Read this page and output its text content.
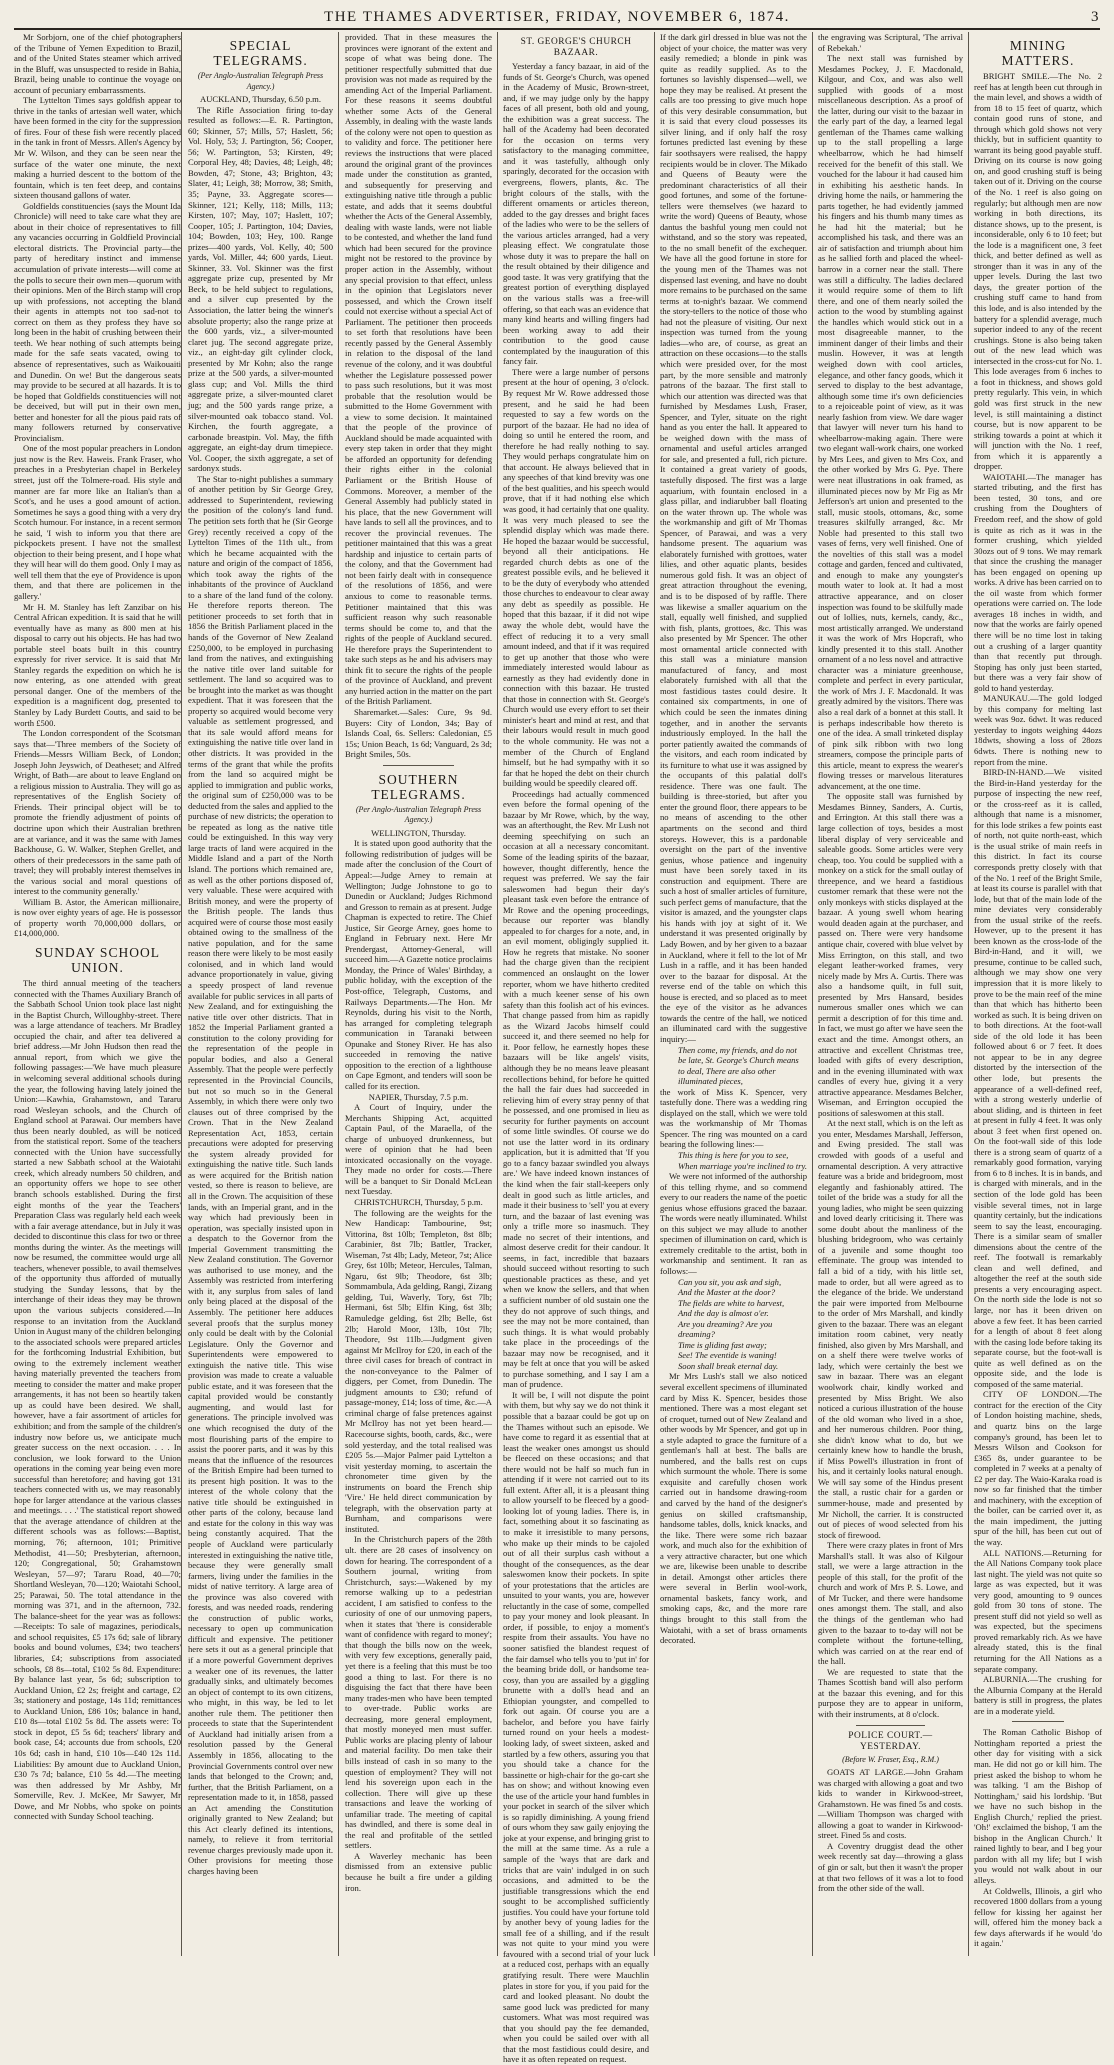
THE THAMES ADVERTISER, FRIDAY, NOVEMBER 6, 1874.	3

Mr Sorbjorn, one of the chief photographers of the Tribune of Yemen Expedition to Brazil, and of the United States steamer which arrived in the Bluff, was unsuspected to reside in Bahia, Brazil, being unable to continue the voyage on account of pecuniary embarrassments.

The Lyttelton Times says goldfish appear to thrive in the tanks of artesian well water, which have been formed in the city for the suppression of fires. Four of these fish were recently placed in the tank in front of Messrs. Allen's Agency by Mr W. Wilson, and they can be seen near the surface of the water one minute, the next making a hurried descent to the bottom of the fountain, which is ten feet deep, and contains sixteen thousand gallons of water.

Goldfields constituencies (says the Mount Ida Chronicle) will need to take care what they are about in their choice of representatives to fill any vacancies occurring in Goldfield Provincial electoral districts. The Provincial party—the party of hereditary instinct and immense accumulation of private interests—will come at the polls to secure their own men—quorum with their opinions. Men of the Birch stamp will crop up with professions, not accepting the bland their agents in attempts not too sad-not to correct on them as they profess they have so long been in the habit of crushing between their teeth. We hear nothing of such attempts being made for the safe seats vacated, owing to absence of representatives, such as Waikouaiti and Dunedin. On we! But the dangerous seats may provide to be secured at all hazards. It is to be hoped that Goldfields constituencies will not be deceived, but will put in their own men, better and honester for all the pious paid rats of many followers returned by conservative Provincialism.

One of the most popular preachers in London just now is the Rev. Haweis. Frank Fraser, who preaches in a Presbyterian chapel in Berkeley street, just off the Tolmere-road. His style and manner are far more like an Italian's than a Scot's, and he uses a good amount of action. Sometimes he says a good thing with a very dry Scotch humour. For instance, in a recent sermon he said, 'I wish to inform you that there are pickpockets present. I have not the smallest objection to their being present, and I hope what they will hear will do them good. Only I may as well tell them that the eye of Providence is upon them, and that there are policemen in the gallery.'

Mr H. M. Stanley has left Zanzibar on his Central African expedition. It is said that he will eventually have as many as 800 men at his disposal to carry out his objects. He has had two portable steel boats built in this country expressly for river service. It is said that Mr Stanley regards the expedition on which he is now entering, as one attended with great personal danger. One of the members of the expedition is a magnificent dog, presented to Stanley by Lady Burdett Coutts, and said to be worth £500.

The London correspondent of the Scotsman says that—'Three members of the Society of Friends—Messrs William Beck, of London; Joseph John Jeyswich, of Deatheset; and Alfred Wright, of Bath—are about to leave England on a religious mission to Australia. They will go as representatives of the English Society of Friends. Their principal object will be to promote the friendly adjustment of points of doctrine upon which their Australian brethren are at variance, and it was the same with James Backhouse, G. W. Walker, Stephen Grellet, and others of their predecessors in the same path of travel; they will probably interest themselves in the various social and moral questions of interest to the community generally.'

William B. Astor, the American millionaire, is now over eighty years of age. He is possessor of property worth 70,000,000 dollars, or £14,000,000.

SUNDAY SCHOOL UNION.

The third annual meeting of the teachers connected with the Thames Auxiliary Branch of the Sabbath School Union took place last night in the Baptist Church, Willoughby-street. There was a large attendance of teachers. Mr Bradley occupied the chair, and after tea delivered a brief address.—Mr John Hudson then read the annual report, from which we give the following passages:—'We have much pleasure in welcoming several additional schools during the year, the following having lately joined the Union:—Kawhia, Grahamstown, and Tararu road Wesleyan schools, and the Church of England school at Parawai. Our members have thus been nearly doubled, as will be noticed from the statistical report. Some of the teachers connected with the Union have successfully started a new Sabbath school at the Waiotahi creek, which already numbers 50 children, and an opportunity offers we hope to see other branch schools established. During the first eight months of the year the Teachers' Preparation Class was regularly held each week with a fair average attendance, but in July it was decided to discontinue this class for two or three months during the winter. As the meetings will now be resumed, the committee would urge all teachers, whenever possible, to avail themselves of the opportunity thus afforded of mutually studying the Sunday lessons, that by the interchange of their ideas they may be thrown upon the various subjects considered.—In response to an invitation from the Auckland Union in August many of the children belonging to the associated schools were prepared articles for the forthcoming Industrial Exhibition, but owing to the extremely inclement weather having materially prevented the teachers from meeting to consider the matter and make proper arrangements, it has not been so heartily taken up as could have been desired. We shall, however, have a fair assortment of articles for exhibition; and from the sample of the children's industry now before us, we anticipate much greater success on the next occasion. . . . In conclusion, we look forward to the Union operations in the coming year being even more successful than heretofore; and having got 131 teachers connected with us, we may reasonably hope for larger attendance at the various classes and meetings. . . .' The statistical report showed that the average attendance of children at the different schools was as follows:—Baptist, morning, 76; afternoon, 101; Primitive Methodist, 41—50; Presbyterian, afternoon, 120; Congregational, 50; Grahamstown Wesleyan, 57—97; Tararu Road, 40—70; Shortland Wesleyan, 70—120; Waiotahi School, 25; Parawai, 50. The total attendance in the morning was 371, and in the afternoon, 732. The balance-sheet for the year was as follows:—Receipts: To sale of magazines, periodicals, and school requisites, £5 17s 6d; sale of library books and bound volumes, £34; two teachers' libraries, £4; subscriptions from associated schools, £8 8s—total, £102 5s 8d. Expenditure: By balance last year, 5s 6d; subscription to Auckland Union, £2 2s; freight and cartage, £2 3s; stationery and postage, 14s 11d; remittances to Auckland Union, £86 10s; balance in hand, £10 8s—total £102 5s 8d. The assets were: To stock in depot, £5 5s 6d; teachers' library and book case, £4; accounts due from schools, £20 10s 6d; cash in hand, £10 10s—£40 12s 11d. Liabilities: By amount due to Auckland Union, £30 7s 7d; balance, £10 5s 4d.—The meeting was then addressed by Mr Ashby, Mr Somerville, Rev. J. McKee, Mr Sawyer, Mr Dowe, and Mr Nobbs, who spoke on points connected with Sunday School teaching.

SPECIAL TELEGRAMS.

(Per Anglo-Australian Telegraph Press Agency.)

AUCKLAND, Thursday, 6.50 p.m.

The Rifle Association firing to-day resulted as follows:—E. R. Partington, 60; Skinner, 57; Mills, 57; Haslett, 56; Vol. Holy, 53; J. Partington, 56; Cooper, 56; W. Partington, 53; Kirsten, 49; Corporal Hey, 48; Davies, 48; Leigh, 48; Bowden, 47; Stone, 43; Brighton, 43; Slater, 41; Leigh, 38; Morrow, 38; Smith, 35; Payne, 33. Aggregate scores—Skinner, 121; Kelly, 118; Mills, 113; Kirsten, 107; May, 107; Haslett, 107; Cooper, 105; J. Partington, 104; Davies, 104; Bowden, 103; Hey, 100. Range prizes—400 yards, Vol. Kelly, 40; 500 yards, Vol. Miller, 44; 600 yards, Lieut. Skinner, 33. Vol. Skinner was the first aggregate prize cup, presented by Mr Beck, to be held subject to regulations, and a silver cup presented by the Association, the latter being the winner's absolute property; also the range prize at the 600 yards, viz., a silver-mounted claret jug. The second aggregate prize, viz., an eight-day gilt cylinder clock, presented by Mr Kohn; also the range prize at the 500 yards, a silver-mounted glass cup; and Vol. Mills the third aggregate prize, a silver-mounted claret jug; and the 500 yards range prize, a silver-mounted oak tobacco stand. Vol. Kirchen, the fourth aggregate, a carbonade breastpin. Vol. May, the fifth aggregate, an eight-day drum timepiece. Vol. Cooper, the sixth aggregate, a set of sardonyx studs.

The Star to-night publishes a summary of another petition by Sir George Grey, addressed to Superintendent, reviewing the position of the colony's land fund. The petition sets forth that he (Sir George Grey) recently received a copy of the Lyttelton Times of the 11th ult., from which he became acquainted with the nature and origin of the compact of 1856, which took away the rights of the inhabitants of the province of Auckland to a share of the land fund of the colony. He therefore reports thereon. The petitioner proceeds to set forth that in 1856 the British Parliament placed in the hands of the Governor of New Zealand £250,000, to be employed in purchasing land from the natives, and extinguishing the native title over land suitable for settlement. The land so acquired was to be brought into the market as was thought expedient. That it was foreseen that the property so acquired would become very valuable as settlement progressed, and that its sale would afford means for extinguishing the native title over land in other districts. It was provided in the terms of the grant that while the profits from the land so acquired might be applied to immigration and public works, the original sum of £250,000 was to be deducted from the sales and applied to the purchase of new districts; the operation to be repeated as long as the native title could be extinguished. In this way very large tracts of land were acquired in the Middle Island and a part of the North Island. The portions which remained are, as well as the other portions disposed of, very valuable. These were acquired with British money, and were the property of the British people. The lands thus acquired were of course those most easily obtained owing to the smallness of the native population, and for the same reason there were likely to be most easily colonised, and in which land would advance proportionately in value, giving a speedy prospect of land revenue available for public services in all parts of New Zealand, and for extinguishing the native title over other districts. That in 1852 the Imperial Parliament granted a constitution to the colony providing for the representation of the people in popular bodies, and also a General Assembly. That the people were perfectly represented in the Provincial Councils, but not so much so in the General Assembly, in which there were only two clauses out of three comprised by the Crown. That in the New Zealand Representation Act, 1853, certain precautions were adopted for preserving the system already provided for extinguishing the native title. Such lands as were acquired for the British nation vested, so there is reason to believe, are all in the Crown. The acquisition of these lands, with an Imperial grant, and in the way which had previously been in operation, was specially insisted upon in a despatch to the Governor from the Imperial Government transmitting the New Zealand constitution. The Governor was authorised to use money, and the Assembly was restricted from interfering with it, any surplus from sales of land only being placed at the disposal of the Assembly. The petitioner here adduces several proofs that the surplus money only could be dealt with by the Colonial Legislature. Only the Governor and Superintendents were empowered to extinguish the native title. This wise provision was made to create a valuable public estate, and it was foreseen that the capital provided would be constantly augmenting, and would last for generations. The principle involved was one which recognised the duty of the most flourishing parts of the empire to assist the poorer parts, and it was by this means that the influence of the resources of the British Empire had been turned to its present high position. It was to the interest of the whole colony that the native title should be extinguished in other parts of the colony, because land and estate for the colony in this way was being constantly acquired. That the people of Auckland were particularly interested in extinguishing the native title, because they were generally small farmers, living under the families in the midst of native territory. A large area of the province was also covered with forests, and was needed roads, rendering the construction of public works, necessary to open up communication difficult and expensive. The petitioner here sets it out as a general principle that if a more powerful Government deprives a weaker one of its revenues, the latter gradually sinks, and ultimately becomes an object of contempt to its own citizens, who might, in this way, be led to let another rule them. The petitioner then proceeds to state that the Superintendent of Auckland had initially arisen from a resolution passed by the General Assembly in 1856, allocating to the Provincial Governments control over new lands that belonged to the Crown; and, further, that the British Parliament, on a representation made to it, in 1858, passed an Act amending the Constitution originally granted to New Zealand; but this Act clearly defined its intentions, namely, to relieve it from territorial revenue charges previously made upon it. Other provisions for meeting those charges having been

provided. That in these measures the provinces were ignorant of the extent and scope of what was being done. The petitioner respectfully submitted that due provision was not made as required by the amending Act of the Imperial Parliament. For these reasons it seems doubtful whether some Acts of the General Assembly, in dealing with the waste lands of the colony were not open to question as to validity and force. The petitioner here reviews the instructions that were placed around the original grant of the provinces made under the constitution as granted, and subsequently for preserving and extinguishing native title through a public estate, and adds that it seems doubtful whether the Acts of the General Assembly, dealing with waste lands, were not liable to be contested, and whether the land fund which had been secured for the province might not be restored to the province by proper action in the Assembly, without any special provision to that effect, unless in the opinion that Legislators never possessed, and which the Crown itself could not exercise without a special Act of Parliament. The petitioner then proceeds to set forth that resolutions have been recently passed by the General Assembly in relation to the disposal of the land revenue of the colony, and it was doubtful whether the Legislature possessed power to pass such resolutions, but it was most probable that the resolution would be submitted to the Home Government with a view to some decision. It maintained that the people of the province of Auckland should be made acquainted with every step taken in order that they might be afforded an opportunity for defending their rights either in the colonial Parliament or the British House of Commons. Moreover, a member of the General Assembly had publicly stated in his place, that the new Government will have lands to sell all the provinces, and to recover the provincial revenues. The petitioner maintained that this was a great hardship and injustice to certain parts of the colony, and that the Government had not been fairly dealt with in consequence of the resolutions of 1856, and were anxious to come to reasonable terms. Petitioner maintained that this was sufficient reason why such reasonable terms should be come to, and that the rights of the people of Auckland secured. He therefore prays the Superintendent to take such steps as he and his advisers may think fit to secure the rights of the people of the province of Auckland, and prevent any hurried action in the matter on the part of the British Parliament.

Sharemarket.—Sales: Cure, 9s 9d. Buyers: City of London, 34s; Bay of Islands Coal, 6s. Sellers: Caledonian, £5 15s; Union Beach, 1s 6d; Vanguard, 2s 3d; Bright Smiles, 50s.

SOUTHERN TELEGRAMS.

(Per Anglo-Australian Telegraph Press Agency.)

WELLINGTON, Thursday.

It is stated upon good authority that the following redistribution of judges will be made after the conclusion of the Court of Appeal:—Judge Arney to remain at Wellington; Judge Johnstone to go to Dunedin or Auckland; Judges Richmond and Gresson to remain as at present. Judge Chapman is expected to retire. The Chief Justice, Sir George Arney, goes home to England in February next. Here Mr Prendergast, Attorney-General, will succeed him.—A Gazette notice proclaims Monday, the Prince of Wales' Birthday, a public holiday, with the exception of the Post-office, Telegraph, Customs, and Railways Departments.—The Hon. Mr Reynolds, during his visit to the North, has arranged for completing telegraph communication in Taranaki between Opunake and Stoney River. He has also succeeded in removing the native opposition to the erection of a lighthouse on Cape Egmont, and tenders will soon be called for its erection.

NAPIER, Thursday, 7.5 p.m.

A Court of Inquiry, under the Merchants Shipping Act, acquitted Captain Paul, of the Maraella, of the charge of unbuoyed drunkenness, but were of opinion that he had been intoxicated occasionally on the voyage. They made no order for costs.—There will be a banquet to Sir Donald McLean next Tuesday.

CHRISTCHURCH, Thursday, 5 p.m.

The following are the weights for the New Handicap: Tambourine, 9st; Vittorina, 8st 10lb; Templeton, 8st 8lb; Carabinier, 8st 7lb; Battler, Tracker, Wiseman, 7st 4lb; Lady, Meteor, 7st; Alice Grey, 6st 10lb; Meteor, Hercules, Talman, Ngaru, 6st 9lb; Theodore, 6st 3lb; Sommambula, Ada gelding, Rangi, Zizang gelding, Tui, Waverly, Tory, 6st 7lb; Hermani, 6st 5lb; Elfin King, 6st 3lb; Ramuledge gelding, 6st 2lb; Belle, 6st 2lb; Harold Moor, 13lb, 10st 7lb; Theodore, 9st 11lb.—Judgment given against Mr McIlroy for £20, in each of the three civil cases for breach of contract in the non-conveyance to the Palmer of diggers, per Comet, from Dunedin. The judgment amounts to £30; refund of passage-money, £14; loss of time, &c.—A criminal charge of false pretences against Mr McIlroy has not yet been heard.—Racecourse sights, booth, cards, &c., were sold yesterday, and the total realised was £205 5s.—Major Palmer paid Lyttelton a visit yesterday morning, to ascertain the chronometer time given by the instruments on board the French ship 'Vire.' He held direct communication by telegraph, with the observation party at Burnham, and comparisons were instituted.

In the Christchurch papers of the 28th ult. there are 28 cases of insolvency on down for hearing. The correspondent of a Southern journal, writing from Christchurch, says:—Wakened by my remorse walking up to a pedestrian accident, I am satisfied to confess to the curiosity of one of our unmoving papers, when it states that 'there is considerable want of confidence with regard to money'; that though the bills now on the week, with very few exceptions, generally paid, yet there is a feeling that this must be too good a thing to last. For there is no disguising the fact that there have been many trades-men who have been tempted to over-trade. Public works are decreasing, more general employment, that mostly moneyed men must suffer. Public works are placing plenty of labour and material facility. Do men take their bills instead of cash in so many to the question of employment? They will not lend his sovereign upon each in the collection. There will give up these transactions and leave the working of unfamiliar trade. The meeting of capital has dwindled, and there is some deal in the real and profitable of the settled settlers.

A Waverley mechanic has been dismissed from an extensive public because he built a fire under a gilding iron.

ST. GEORGE'S CHURCH BAZAAR.

Yesterday a fancy bazaar, in aid of the funds of St. George's Church, was opened in the Academy of Music, Brown-street, and, if we may judge only by the happy faces of all present, both old and young, the exhibition was a great success. The hall of the Academy had been decorated for the occasion on terms very satisfactory to the managing committee, and it was tastefully, although only sparingly, decorated for the occasion with evergreens, flowers, plants, &c. The bright colours of the stalls, with the different ornaments or articles thereon, added to the gay dresses and bright faces of the ladies who were to be the sellers of the various articles arranged, had a very pleasing effect. We congratulate those whose duty it was to prepare the hall on the result obtained by their diligence and good taste. It was very gratifying that the greatest portion of everything displayed on the various stalls was a free-will offering, so that each was an evidence that many kind hearts and willing fingers had been working away to add their contribution to the good cause contemplated by the inauguration of this fancy fair.

There were a large number of persons present at the hour of opening, 3 o'clock. By request Mr W. Rowe addressed those present, and he said he had been requested to say a few words on the purport of the bazaar. He had no idea of doing so until he entered the room, and therefore he had really nothing to say. They would perhaps congratulate him on that account. He always believed that in any speeches of that kind brevity was one of the best qualities, and his speech would prove, that if it had nothing else which was good, it had certainly that one quality. It was very much pleased to see the splendid display which was made there. He hoped the bazaar would be successful, beyond all their anticipations. He regarded church debts as one of the greatest possible evils, and he believed it to be the duty of everybody who attended those churches to endeavour to clear away any debt as speedily as possible. He hoped that this bazaar, if it did not wipe away the whole debt, would have the effect of reducing it to a very small amount indeed, and that if it was required to get up another that those who were immediately interested would labour as earnestly as they had evidently done in connection with this bazaar. He trusted that those in connection with St. George's Church would use every effort to set their minister's heart and mind at rest, and that their labours would result in much good to the whole community. He was not a member of the Church of England himself, but he had sympathy with it so far that he hoped the debt on their church building would be speedily cleared off.

Proceedings had actually commenced even before the formal opening of the bazaar by Mr Rowe, which, by the way, was an afterthought, the Rev. Mr Lush not deeming speechifying on such an occasion at all a necessary concomitant. Some of the leading spirits of the bazaar, however, thought differently, hence the request was preferred. We say the fair saleswomen had begun their day's pleasant task even before the entrance of Mr Rowe and the opening proceedings, because our reporter was blandly appealed to for charges for a note, and, in an evil moment, obligingly supplied it. How he regrets that mistake. No sooner had the charge given than the recipient commenced an onslaught on the lower reporter, whom we have hitherto credited with a much keener sense of his own safety than this foolish act of his evinces. That change passed from him as rapidly as the Wizard Jacobs himself could succeed it, and there seemed no help for it. Poor fellow, he earnestly hopes these bazaars will be like angels' visits, although they be no means leave pleasant recollections behind, for before he quitted the hall the fair dues had succeeded in relieving him of every stray penny of that he possessed, and one promised in lieu as security for further payments on account of some little swindles. Of course we do not use the latter word in its ordinary application, but it is admitted that 'If you go to a fancy bazaar swindled you always are.' We have indeed known instances of the kind when the fair stall-keepers only dealt in good such as little articles, and made it their business to 'sell' you at every turn, and the bazaar of last evening was only a trifle more so inasmuch. They made no secret of their intentions, and almost deserve credit for their candour. It seems, in fact, incredible that bazaars should succeed without resorting to such questionable practices as these, and yet when we know the sellers, and that when a sufficient number of old sustain one the they do not approve of such things, and see the may not be more contained, than such things. It is what would probably take place in the proceedings of the bazaar may now be recognised, and it may be felt at once that you will be asked to purchase something, and I say I am a man of prudence.

It will be, I will not dispute the point with them, but why say we do not think it possible that a bazaar could be got up on the Thames without such an episode. We have come to regard it as essential that at least the weaker ones amongst us should be fleeced on these occasions; and that there would not be half so much fun in attending if it were not carried out to its full extent. After all, it is a pleasant thing to allow yourself to be fleeced by a good-looking lot of young ladies. There is, in fact, something about it so fascinating as to make it irresistible to many persons, who make up their minds to be cajoled out of all their surplus cash without a thought of the consequences, as the dear saleswomen know their pockets. In spite of your protestations that the articles are unsuited to your wants, you are, however reluctantly in the case of some, compelled to pay your money and look pleasant. In order, if possible, to enjoy a moment's respite from their assaults. You have no sooner satisfied the blandest request of the fair damsel who tells you to 'put in' for the beaming bride doll, or handsome tea-cosy, than you are assailed by a giggling brunette with a doll's head and an Ethiopian youngster, and compelled to fork out again. Of course you are a bachelor, and before you have fairly turned round on your heels a modest-looking lady, of sweet sixteen, asked and startled by a few others, assuring you that you should take a chance for the bassinette or high-chair for the go-cart she has on show; and without knowing even the use of the article your hand fumbles in your pocket in search of the silver which is so rapidly diminishing. A young friend of ours whom they saw gaily enjoying the joke at your expense, and bringing grist to the mill at the same time. As a rule a sample of the 'ways that are dark and tricks that are vain' indulged in on such occasions, and admitted to be the justifiable transgressions which the end sought to be accomplished sufficiently justifies. You could have your fortune told by another bevy of young ladies for the small fee of a shilling, and if the result was not quite to your mind you were favoured with a second trial of your luck at a reduced cost, perhaps with an equally gratifying result. There were Mauchlin plates in store for you, if you paid for the card and looked pleasant. No doubt the same good luck was predicted for many customers. What was most required was that you should pay the fee demanded, when you could be sailed over with all that the most fastidious could desire, and have it as often repeated on request.

If the dark girl dressed in blue was not the object of your choice, the matter was very easily remedied; a blonde in pink was quite as readily supplied. As to the fortunes so lavishly dispensed—well, we hope they may be realised. At present the calls are too pressing to give much hope of this very desirable consummation, but it is said that every cloud possesses its silver lining, and if only half the rosy fortunes predicted last evening by these fair soothsayers were realised, the happy recipients would be in clover. The Mikado and Queens of Beauty were the predominant characteristics of all their good fortunes, and some of the fortune-tellers were themselves (we hazard to write the word) Queens of Beauty, whose dantus the bashful young men could not withstand, and so the story was repeated, to the no small benefit of the exchequer. We have all the good fortune in store for the young men of the Thames was not dispensed last evening, and have no doubt more remains to be purchased on the same terms at to-night's bazaar. We commend the story-tellers to the notice of those who had not the pleasure of visiting. Our next inspection was turned from the young ladies—who are, of course, as great an attraction on these occasions—to the stalls which were presided over, for the most part, by the more sensible and matronly patrons of the bazaar. The first stall to which our attention was directed was that furnished by Mesdames Lush, Fraser, Spencer, and Tyler, situate on the right hand as you enter the hall. It appeared to be weighed down with the mass of ornamental and useful articles arranged for sale, and presented a full, rich picture. It contained a great variety of goods, tastefully disposed. The first was a large aquarium, with fountain enclosed in a glass pillar, and indiarubber ball floating on the water thrown up. The whole was the workmanship and gift of Mr Thomas Spencer, of Parawai, and was a very handsome present. The aquarium was elaborately furnished with grottoes, water lilies, and other aquatic plants, besides numerous gold fish. It was an object of great attraction throughout the evening, and is to be disposed of by raffle. There was likewise a smaller aquarium on the stall, equally well finished, and supplied with fish, plants, grottoes, &c. This was also presented by Mr Spencer. The other most ornamental article connected with this stall was a miniature mansion manufactured of fancy, and most elaborately furnished with all that the most fastidious tastes could desire. It contained six compartments, in one of which could be seen the inmates dining together, and in another the servants industriously employed. In the hall the porter patiently awaited the commands of the visitors, and each room indicated by its furniture to what use it was assigned by the occupants of this palatial doll's residence. There was one fault. The building is three-storied, but after you enter the ground floor, there appears to be no means of ascending to the other apartments on the second and third storeys. However, this is a pardonable oversight on the part of the inventive genius, whose patience and ingenuity must have been sorely taxed in its construction and equipment. There are such a host of smaller articles of furniture, such perfect gems of manufacture, that the visitor is amazed, and the youngster claps his hands with joy at sight of it. We understand it was presented originally by Lady Bowen, and by her given to a bazaar in Auckland, where it fell to the lot of Mr Lush in a raffle, and it has been handed over to the bazaar for disposal. At the reverse end of the table on which this house is erected, and so placed as to meet the eye of the visitor as he advances towards the centre of the hall, we noticed an illuminated card with the suggestive inquiry:—

Then come, my friends, and do not be late, St. George's Church means to deal, There are also other illuminated pieces,

the work of Miss K. Spencer, very tastefully done. There was a wedding ring displayed on the stall, which we were told was the workmanship of Mr Thomas Spencer. The ring was mounted on a card bearing the following lines:—

This thing is here for you to see,
When marriage you're inclined to try.

We were not informed of the authorship of this telling rhyme, and so commend every to our readers the name of the poetic genius whose effusions graced the bazaar. The words were neatly illuminated. Whilst on this subject we may allude to another specimen of illumination on card, which is extremely creditable to the artist, both in workmanship and sentiment. It ran as follows:—

Can you sit, you ask and sigh,
And the Master at the door?
The fields are white to harvest,
And the day is almost o'er.
Are you dreaming? Are you dreaming?
Time is gliding fast away;
See! The eventide is waning!
Soon shall break eternal day.

Mr Mrs Lush's stall we also noticed several excellent specimens of illuminated card by Miss K. Spencer, besides those mentioned. There was a most elegant set of croquet, turned out of New Zealand and other woods by Mr Spencer, and got up in a style adapted to grace the furniture of a gentleman's hall at best. The balls are numbered, and the balls rest on cups which surmount the whole. There is some exquisite and carefully chosen work carried out in handsome drawing-room and carved by the hand of the designer's genius on skilled craftsmanship, handsome tables, dolls, knick knacks, and the like. There were some rich bazaar work, and much also for the exhibition of a very attractive character, but one which we are, likewise been unable to describe in detail. Amongst other articles there were several in Berlin wool-work, ornamental baskets, fancy work, and smoking caps, &c, and the more rare things brought to this stall from the Waiotahi, with a set of brass ornaments decorated.

the engraving was Scriptural, 'The arrival of Rebekah.'

The next stall was furnished by Mesdames Pockey, J. F. Macdonald, Kilgour, and Cox, and was also well supplied with goods of a most miscellaneous description. As a proof of the latter, during our visit to the bazaar in the early part of the day, a learned legal gentleman of the Thames came walking up to the stall propelling a large wheelbarrow, which he had himself received for the benefit of this stall. We vouched for the labour it had caused him in exhibiting his aesthetic hands. In driving home the nails, or hammering the parts together, he had evidently jammed his fingers and his thumb many times as he had hit the material; but he accomplished his task, and there was an air of satisfaction and triumph about him as he sallied forth and placed the wheel-barrow in a corner near the stall. There was still a difficulty. The ladies declared it would require some of them to lift there, and one of them nearly soiled the action to the wood by stumbling against the handles which would stick out in a most disagreeable manner, to the imminent danger of their limbs and their muslin. However, it was at length weighed down with cool articles, elegance, and other fancy goods, which it served to display to the best advantage, although some time it's own deficiencies to a rejoiceable point of view, as it was nearly fashion from view. We dare wager that lawyer will never turn his hand to wheelbarrow-making again. There were two elegant wall-work chairs, one worked by Mrs Lees, and given to Mrs Cox, and the other worked by Mrs G. Pye. There were neat illustrations in oak framed, as illuminated pieces now by Mr Fig as Mr Jefferson's art union and presented to the stall, music stools, ottomans, &c, some treasures skilfully arranged, &c. Mr Noble had presented to this stall two vases of ferns, very well finished. One of the novelties of this stall was a model cottage and garden, fenced and cultivated, and enough to make any youngster's mouth water to look at. It had a most attractive appearance, and on closer inspection was found to be skilfully made out of lollies, nuts, kernels, candy, &c., most artistically arranged. We understand it was the work of Mrs Hopcraft, who kindly presented it to this stall. Another ornament of a no less novel and attractive character was a miniature greenhouse, complete and perfect in every particular, the work of Mrs J. F. Macdonald. It was greatly admired by the visitors. There was also a real dark of a bonnet at this stall. It is perhaps indescribable how thereto is one of the idea. A small trinketed display of pink silk ribbon with two long streamers, compose the principle parts of this article, meant to express the wearer's flowing tresses or marvelous literatures advancement, at the one time.

The opposite stall was furnished by Mesdames Binney, Sanders, A. Curtis, and Errington. At this stall there was a large collection of toys, besides a most liberal display of very serviceable and saleable goods. Some articles were very cheap, too. You could be supplied with a monkey on a stick for the small outlay of threepence, and we heard a fastidious customer remark that these were not the only monkeys with sticks displayed at the bazaar. A young swell whom hearing would deaden again at the purchaser, and passed on. There were very handsome antique chair, covered with blue velvet by Miss Errington, on this stall, and two elegant leather-worked frames, very nicely made by Mrs A. Curtis. There was also a handsome quilt, in full suit, presented by Mrs Hansard, besides numerous smaller ones which we can permit a description of for this time and. In fact, we must go after we have seen the exact and the time. Amongst others, an attractive and excellent Christmas tree, loaded with gifts of every description, and in the evening illuminated with wax candles of every hue, giving it a very attractive appearance. Mesdames Belcher, Wiseman, and Errington occupied the positions of saleswomen at this stall.

At the next stall, which is on the left as you enter, Mesdames Marshall, Jefferson, and Ewing presided. The stall was crowded with goods of a useful and ornamental description. A very attractive feature was a bride and bridegroom, most elegantly and fashionably attired. The toilet of the bride was a study for all the young ladies, who might be seen quizzing and loved dearly criticising it. There was some doubt about the manliness of the blushing bridegroom, who was certainly of a juvenile and some thought too effeminate. The group was intended to fall a bid of a tidy, with his little set, made to order, but all were agreed as to the elegance of the bride. We understand the pair were imported from Melbourne to the order of Mrs Marshall, and kindly given to the bazaar. There was an elegant imitation room cabinet, very neatly finished, also given by Mrs Marshall, and on a shelf there were twelve works of lady, which were certainly the best we saw in bazaar. There was an elegant woolwork chair, kindly worked and presented by Miss Bright. We also noticed a curious illustration of the house of the old woman who lived in a shoe, and her numerous children. Poor thing, she didn't know what to do, but we certainly knew how to handle the brush, if Miss Powell's illustration in front of his, and it certainly looks natural enough. We will say some of the Hindus present the stall, a rustic chair for a garden or summer-house, made and presented by Mr Nicholl, the carrier. It is constructed out of pieces of wood selected from his stock of firewood.

There were crazy plates in front of Mrs Marshall's stall. It was also of Kilgour stall, we were a large attraction in the people of this stall, for the profit of the church and work of Mrs P. S. Lowe, and of Mr Tucker, and there were handsome ones amongst them. The stall, and also the things of the gentleman who had given to the bazaar to to-day will not be complete without the fortune-telling, which was carried on at the rear end of the hall.

We are requested to state that the Thames Scottish band will also perform at the bazaar this evening, and for this purpose they are to appear in uniform, with their instruments, at 8 o'clock.

POLICE COURT.—YESTERDAY.

(Before W. Fraser, Esq., R.M.)

GOATS AT LARGE.—John Graham was charged with allowing a goat and two kids to wander in Kirkwood-street, Grahamstown. He was fined 5s and costs.—William Thompson was charged with allowing a goat to wander in Kirkwood-street. Fined 5s and costs.

A Coventry druggist dead the other week recently sat day—throwing a glass of gin or salt, but then it wasn't the proper at that two fellows of it was a lot to food from the other side of the wall.

MINING MATTERS.

BRIGHT SMILE.—The No. 2 reef has at length been cut through in the main level, and shows a width of from 18 to 15 feet of quartz, which contain good runs of stone, and through which gold shows not very thickly, but in sufficient quantity to warrant its being good payable stuff. Driving on its course is now going on, and good crushing stuff is being taken out of it. Driving on the course of the No. 1 reef is also going on regularly; but although men are now working in both directions, its distance shows, up to the present, is inconsiderable, only 6 to 10 feet; but the lode is a magnificent one, 3 feet thick, and better defined as well as stronger than it was in any of the upper levels. During the last two days, the greater portion of the crushing stuff came to hand from this lode, and is also intended by the battery for a splendid average, much superior indeed to any of the recent crushings. Stone is also being taken out of the new lead which was intersected in the cross-cut for No. 1. This lode averages from 6 inches to a foot in thickness, and shows gold pretty regularly. This vein, in which gold was first struck in the new level, is still maintaining a distinct course, but is now apparent to be striking towards a point at which it will junction with the No. 1 reef, from which it is apparently a dropper.

WAIOTAHI.—The manager has started tributing, and the first has been tested, 30 tons, and ore crushing from the Doughters of Freedom reef, and the show of gold is quite as rich as it was in the former crushing, which yielded 30ozs out of 9 tons. We may remark that since the crushing the manager has been engaged on opening up works. A drive has been carried on to the oil waste from which former operations were carried on. The lode averages 18 inches in width, and now that the works are fairly opened there will be no time lost in taking out a crushing of a larger quantity than that recently put through. Stoping has only just been started, but there was a very fair show of gold to hand yesterday.

MANUKAU.—The gold lodged by this company for melting last week was 9oz. 6dwt. It was reduced yesterday to ingots weighing 44ozs 18dwts, showing a loss of 28ozs 6dwts. There is nothing new to report from the mine.

BIRD-IN-HAND.—We visited the Bird-in-Hand yesterday for the purpose of inspecting the new reef, or the cross-reef as it is called, although that name is a misnomer, for this lode strikes a few points east of north, not quite north-east, which is the usual strike of main reefs in this district. In fact its course corresponds pretty closely with that of the No. 1 reef of the Bright Smile, at least its course is parallel with that lode, but that of the main lode of the mine deviates very considerably from the usual strike of the reefs. However, up to the present it has been known as the cross-lode of the Bird-in-Hand, and it will, we presume, continue to be called such, although we may show one very impression that it is more likely to prove to be the main reef of the mine than that which has hitherto been worked as such. It is being driven on to both directions. At the foot-wall side of the old lode it has been followed about 6 or 7 feet. It does not appear to be in any degree distorted by the intersection of the other lode, but presents the appearance of a well-defined reef, with a strong westerly underlie of about sliding, and is thirteen in feet at present in fully 4 feet. It was only about 3 feet when first opened on. On the foot-wall side of this lode there is a strong seam of quartz of a remarkably good formation, varying from 6 to 8 inches. It is in bands, and is charged with minerals, and in the section of the lode gold has been visible several times, not in large quantity certainly, but the indications seem to say the least, encouraging. There is a similar seam of smaller dimensions about the centre of the reef. The footwall is remarkably clean and well defined, and altogether the reef at the south side presents a very encouraging aspect. On the north side the lode is not so large, nor has it been driven on above a few feet. It has been carried for a length of about 8 feet along with the casing lode before taking its separate course, but the foot-wall is quite as well defined as on the opposite side, and the lode is composed of the same material.

CITY OF LONDON.—The contract for the erection of the City of London hoisting machine, sheds, and quartz bins on the large company's ground, has been let to Messrs Wilson and Cookson for £365 8s, under guarantee to be completed in 7 weeks at a penalty of £2 per day. The Waio-Karaka road is now so far finished that the timber and machinery, with the exception of the boiler, can be carried over it, as the main impediment, the jutting spur of the hill, has been cut out of the way.

ALL NATIONS.—Returning for the All Nations Company took place last night. The yield was not quite so large as was expected, but it was very good, amounting to 9 ounces gold from 30 tons of stone. The present stuff did not yield so well as was expected, but the specimens proved remarkably rich. As we have already stated, this is the final returning for the All Nations as a separate company.

ALBURNIA.—The crushing for the Alburnia Company at the Herald battery is still in progress, the plates are in a moderate yield.

The Roman Catholic Bishop of Nottingham reported a priest the other day for visiting with a sick man. He did not go or kill him. The priest asked the bishop to whom he was talking. 'I am the Bishop of Nottingham,' said his lordship. 'But we have no such bishop in the English Church,' replied the priest. 'Oh!' exclaimed the bishop, 'I am the bishop in the Anglican Church.' It rained lightly to bear, and I beg your pardon with all my life; but I wish you would not walk about in our alleys.

At Coldwells, Illinois, a girl who recovered 1800 dollars from a young fellow for kissing her against her will, offered him the money back a few days afterwards if he would 'do it again.'
